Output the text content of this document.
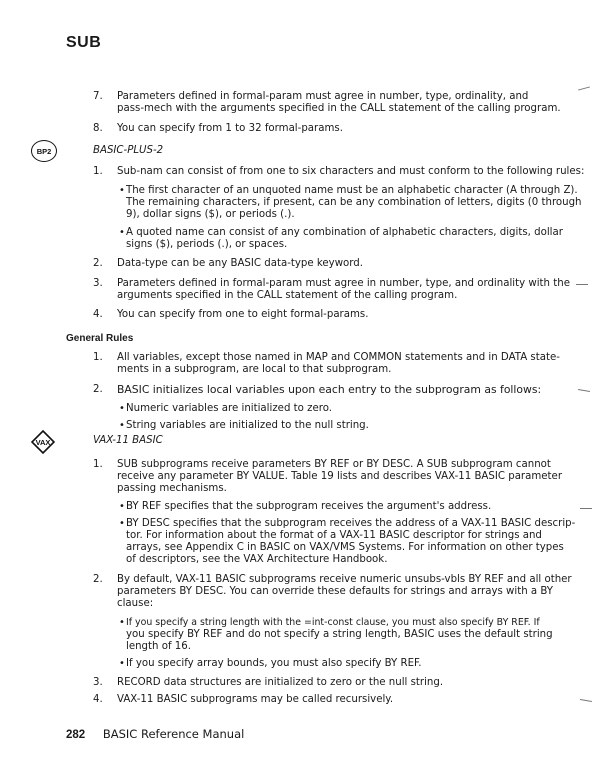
SUB
7. Parameters defined in formal-param must agree in number, type, ordinality, and
pass-mech with the arguments specified in the CALL statement of the calling program.
8. You can specify from 1 to 32 formal-params.
BP2	BASIC-PLUS-2
1. Sub-nam can consist of from one to six characters and must conform to the following rules:
• The first character of an unquoted name must be an alphabetic character (A through Z).
The remaining characters, if present, can be any combination of letters, digits (0 through
9), dollar signs ($), or periods (.).
• A quoted name can consist of any combination of alphabetic characters, digits, dollar
signs ($), periods (.), or spaces.
2. Data-type can be any BASIC data-type keyword.
3. Parameters defined in formal-param must agree in number, type, and ordinality with the
arguments specified in the CALL statement of the calling program.
4. You can specify from one to eight formal-params.
General Rules
1. All variables, except those named in MAP and COMMON statements and in DATA state-
ments in a subprogram, are local to that subprogram.
2. BASIC initializes local variables upon each entry to the subprogram as follows:
• Numeric variables are initialized to zero.
• String variables are initialized to the null string.
VAX	VAX-11 BASIC
1. SUB subprograms receive parameters BY REF or BY DESC. A SUB subprogram cannot
receive any parameter BY VALUE. Table 19 lists and describes VAX-11 BASIC parameter
passing mechanisms.
• BY REF specifies that the subprogram receives the argument's address.
• BY DESC specifies that the subprogram receives the address of a VAX-11 BASIC descrip-
tor. For information about the format of a VAX-11 BASIC descriptor for strings and
arrays, see Appendix C in BASIC on VAX/VMS Systems. For information on other types
of descriptors, see the VAX Architecture Handbook.
2. By default, VAX-11 BASIC subprograms receive numeric unsubs-vbls BY REF and all other
parameters BY DESC. You can override these defaults for strings and arrays with a BY
clause:
• If you specify a string length with the =int-const clause, you must also specify BY REF. If
you specify BY REF and do not specify a string length, BASIC uses the default string
length of 16.
• If you specify array bounds, you must also specify BY REF.
3. RECORD data structures are initialized to zero or the null string.
4. VAX-11 BASIC subprograms may be called recursively.
282 BASIC Reference Manual
